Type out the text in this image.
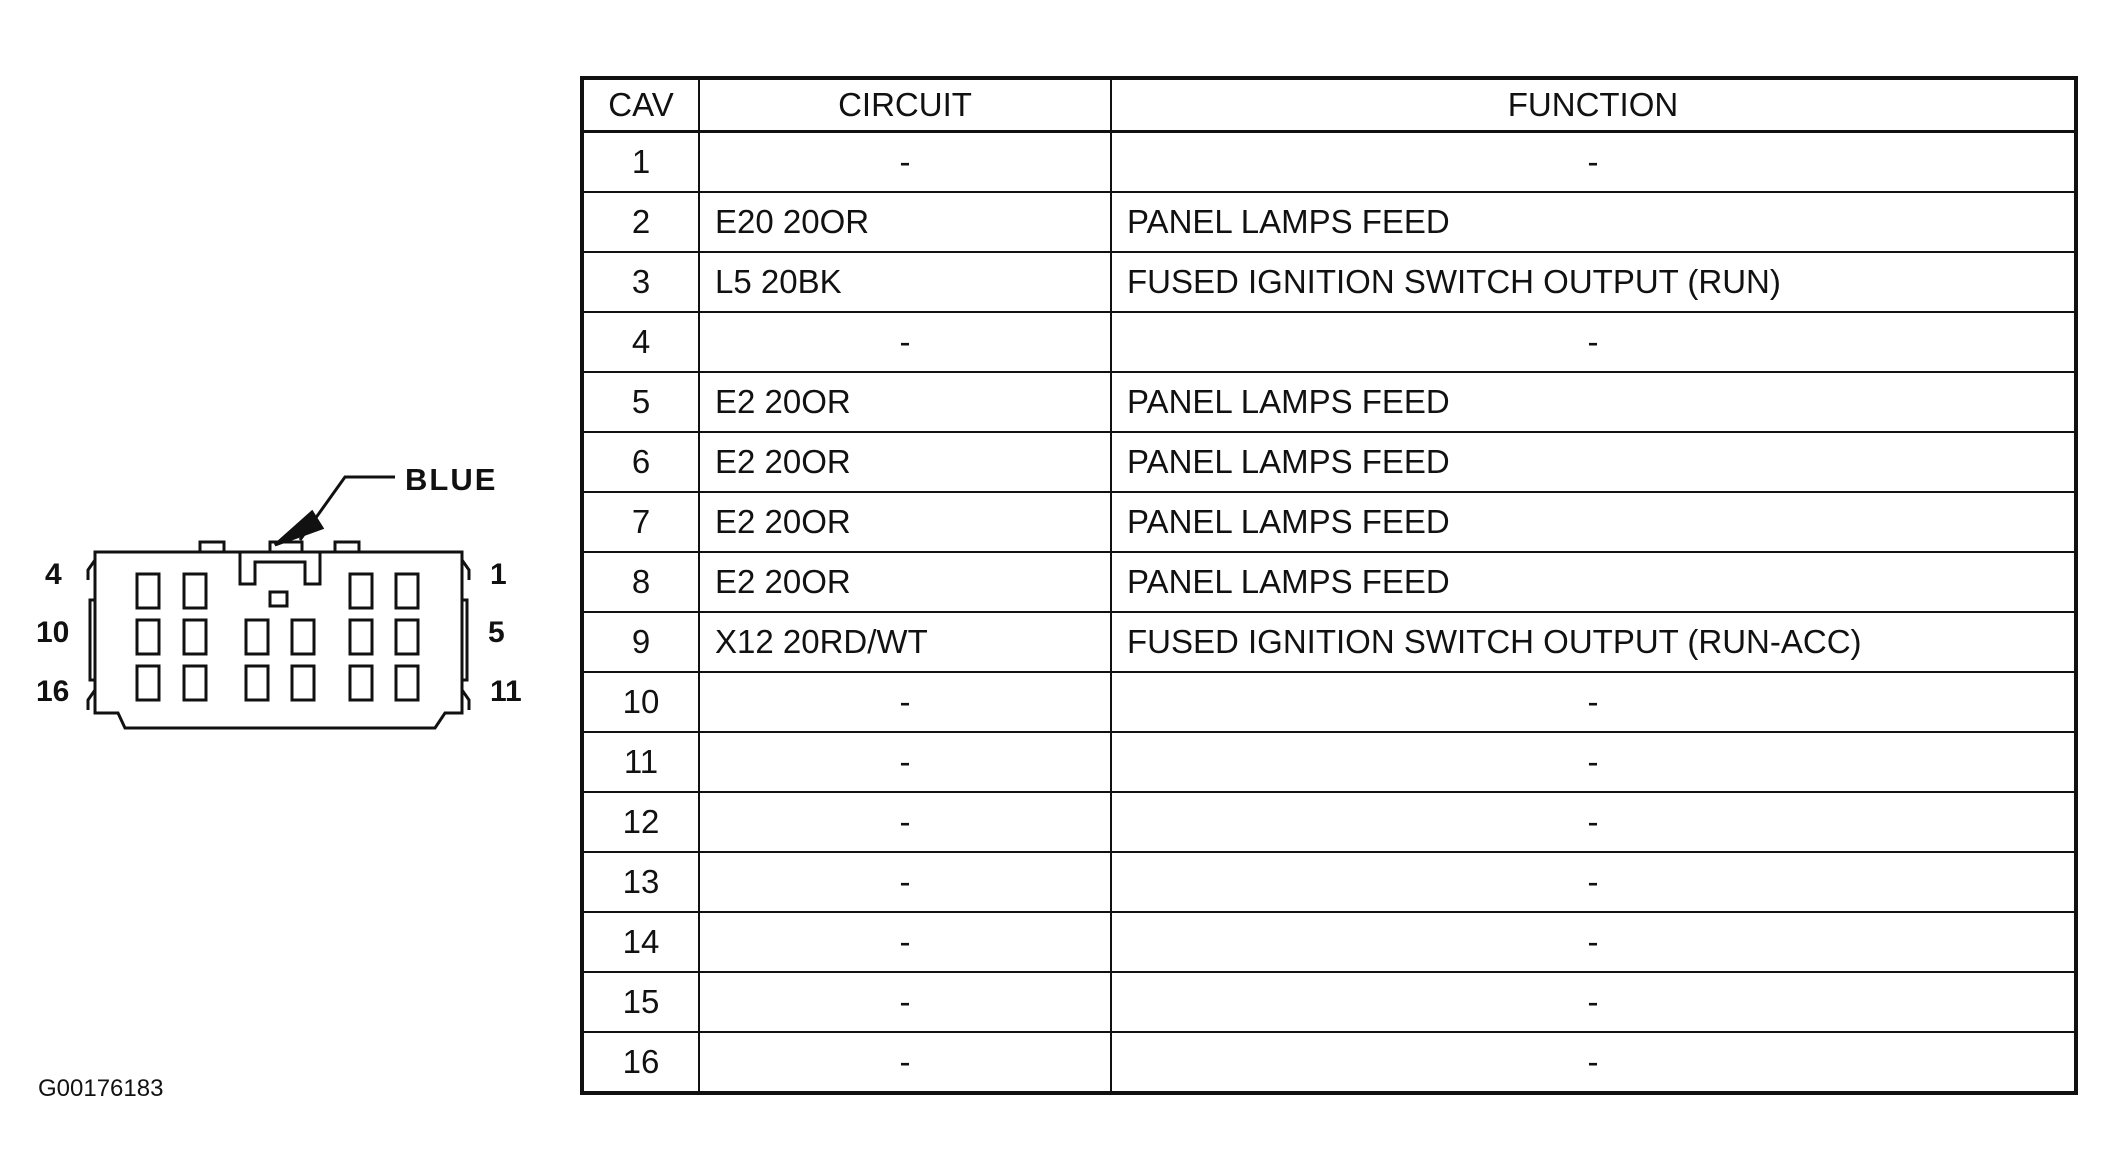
BLUE
4	1
10	5
16	11
CAV	CIRCUIT	FUNCTION
1	-	-
2	E20 20OR	PANEL LAMPS FEED
3	L5 20BK	FUSED IGNITION SWITCH OUTPUT (RUN)
4	-	-
5	E2 20OR	PANEL LAMPS FEED
6	E2 20OR	PANEL LAMPS FEED
7	E2 20OR	PANEL LAMPS FEED
8	E2 20OR	PANEL LAMPS FEED
9	X12 20RD/WT	FUSED IGNITION SWITCH OUTPUT (RUN-ACC)
10	-	-
11	-	-
12	-	-
13	-	-
14	-	-
15	-	-
16	-	-
G00176183
